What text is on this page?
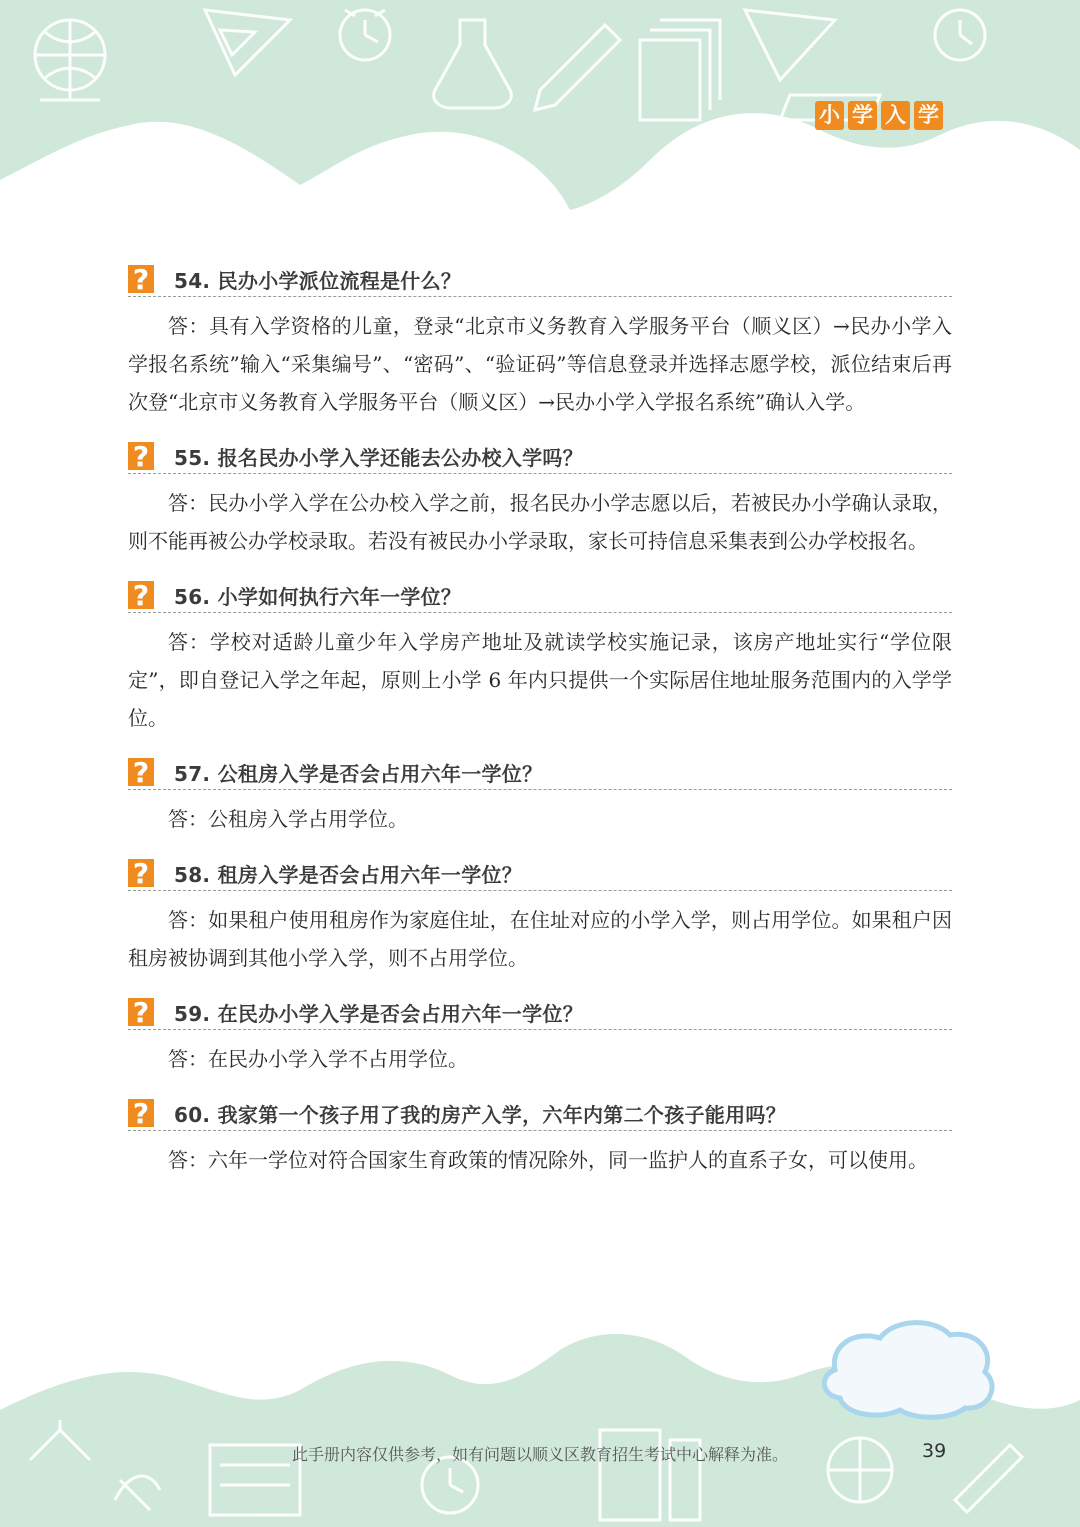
小 学 入 学
? 54. 民办小学派位流程是什么？

答：具有入学资格的儿童，登录“北京市义务教育入学服务平台（顺义区）→民办小学入学报名系统”输入“采集编号”、“密码”、“验证码”等信息登录并选择志愿学校，派位结束后再次登“北京市义务教育入学服务平台（顺义区）→民办小学入学报名系统”确认入学。

? 55. 报名民办小学入学还能去公办校入学吗？

答：民办小学入学在公办校入学之前，报名民办小学志愿以后，若被民办小学确认录取，则不能再被公办学校录取。若没有被民办小学录取，家长可持信息采集表到公办学校报名。

? 56. 小学如何执行六年一学位？

答：学校对适龄儿童少年入学房产地址及就读学校实施记录，该房产地址实行“学位限定”，即自登记入学之年起，原则上小学 6 年内只提供一个实际居住地址服务范围内的入学学位。

? 57. 公租房入学是否会占用六年一学位？

答：公租房入学占用学位。

? 58. 租房入学是否会占用六年一学位？

答：如果租户使用租房作为家庭住址，在住址对应的小学入学，则占用学位。如果租户因租房被协调到其他小学入学，则不占用学位。

? 59. 在民办小学入学是否会占用六年一学位？

答：在民办小学入学不占用学位。

? 60. 我家第一个孩子用了我的房产入学，六年内第二个孩子能用吗？

答：六年一学位对符合国家生育政策的情况除外，同一监护人的直系子女，可以使用。

此手册内容仅供参考，如有问题以顺义区教育招生考试中心解释为准。	39
